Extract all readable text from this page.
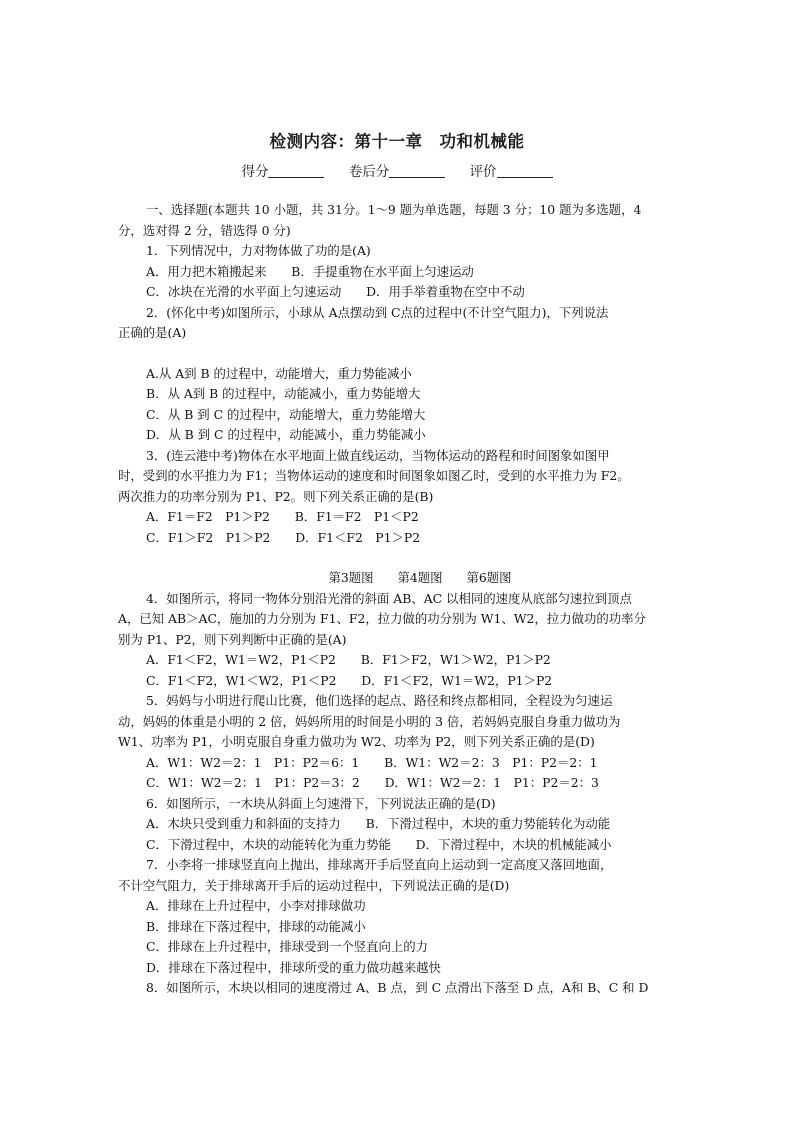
检测内容：第十一章　功和机械能
得分	卷后分	评价

一、选择题(本题共 10 小题，共 31分。1～9 题为单选题，每题 3 分；10 题为多选题，4

分，选对得 2 分，错选得 0 分)

1．下列情况中，力对物体做了功的是(A)

A．用力把木箱搬起来　　B．手提重物在水平面上匀速运动

C．冰块在光滑的水平面上匀速运动　　D．用手举着重物在空中不动

2．(怀化中考)如图所示，小球从 A点摆动到 C点的过程中(不计空气阻力)，下列说法

正确的是(A)

A.从 A到 B 的过程中，动能增大，重力势能减小

B．从 A到 B 的过程中，动能减小，重力势能增大

C．从 B 到 C 的过程中，动能增大，重力势能增大

D．从 B 到 C 的过程中，动能减小，重力势能减小

3．(连云港中考)物体在水平地面上做直线运动，当物体运动的路程和时间图象如图甲

时，受到的水平推力为 F1；当物体运动的速度和时间图象如图乙时，受到的水平推力为 F2。

两次推力的功率分别为 P1、P2。则下列关系正确的是(B)

A．F1＝F2　P1＞P2　　B．F1＝F2　P1＜P2

C．F1＞F2　P1＞P2　　D．F1＜F2　P1＞P2

第3题图 第4题图 第6题图

4．如图所示，将同一物体分别沿光滑的斜面 AB、AC 以相同的速度从底部匀速拉到顶点

A，已知 AB＞AC，施加的力分别为 F1、F2，拉力做的功分别为 W1、W2，拉力做功的功率分

别为 P1、P2，则下列判断中正确的是(A)

A．F1＜F2，W1＝W2，P1＜P2　　B．F1＞F2，W1＞W2，P1＞P2

C．F1＜F2，W1＜W2，P1＜P2　　D．F1＜F2，W1＝W2，P1＞P2

5．妈妈与小明进行爬山比赛，他们选择的起点、路径和终点都相同，全程设为匀速运

动，妈妈的体重是小明的 2 倍，妈妈所用的时间是小明的 3 倍，若妈妈克服自身重力做功为

W1、功率为 P1，小明克服自身重力做功为 W2、功率为 P2，则下列关系正确的是(D)

A．W1：W2＝2：1　P1：P2＝6：1　　B．W1：W2＝2：3　P1：P2＝2：1

C．W1：W2＝2：1　P1：P2＝3：2　　D．W1：W2＝2：1　P1：P2＝2：3

6．如图所示，一木块从斜面上匀速滑下，下列说法正确的是(D)

A．木块只受到重力和斜面的支持力　　B．下滑过程中，木块的重力势能转化为动能

C．下滑过程中，木块的动能转化为重力势能　　D．下滑过程中，木块的机械能减小

7．小李将一排球竖直向上抛出，排球离开手后竖直向上运动到一定高度又落回地面，

不计空气阻力，关于排球离开手后的运动过程中，下列说法正确的是(D)

A．排球在上升过程中，小李对排球做功

B．排球在下落过程中，排球的动能减小

C．排球在上升过程中，排球受到一个竖直向上的力

D．排球在下落过程中，排球所受的重力做功越来越快

8．如图所示，木块以相同的速度滑过 A、B 点，到 C 点滑出下落至 D 点，A和 B、C 和 D
